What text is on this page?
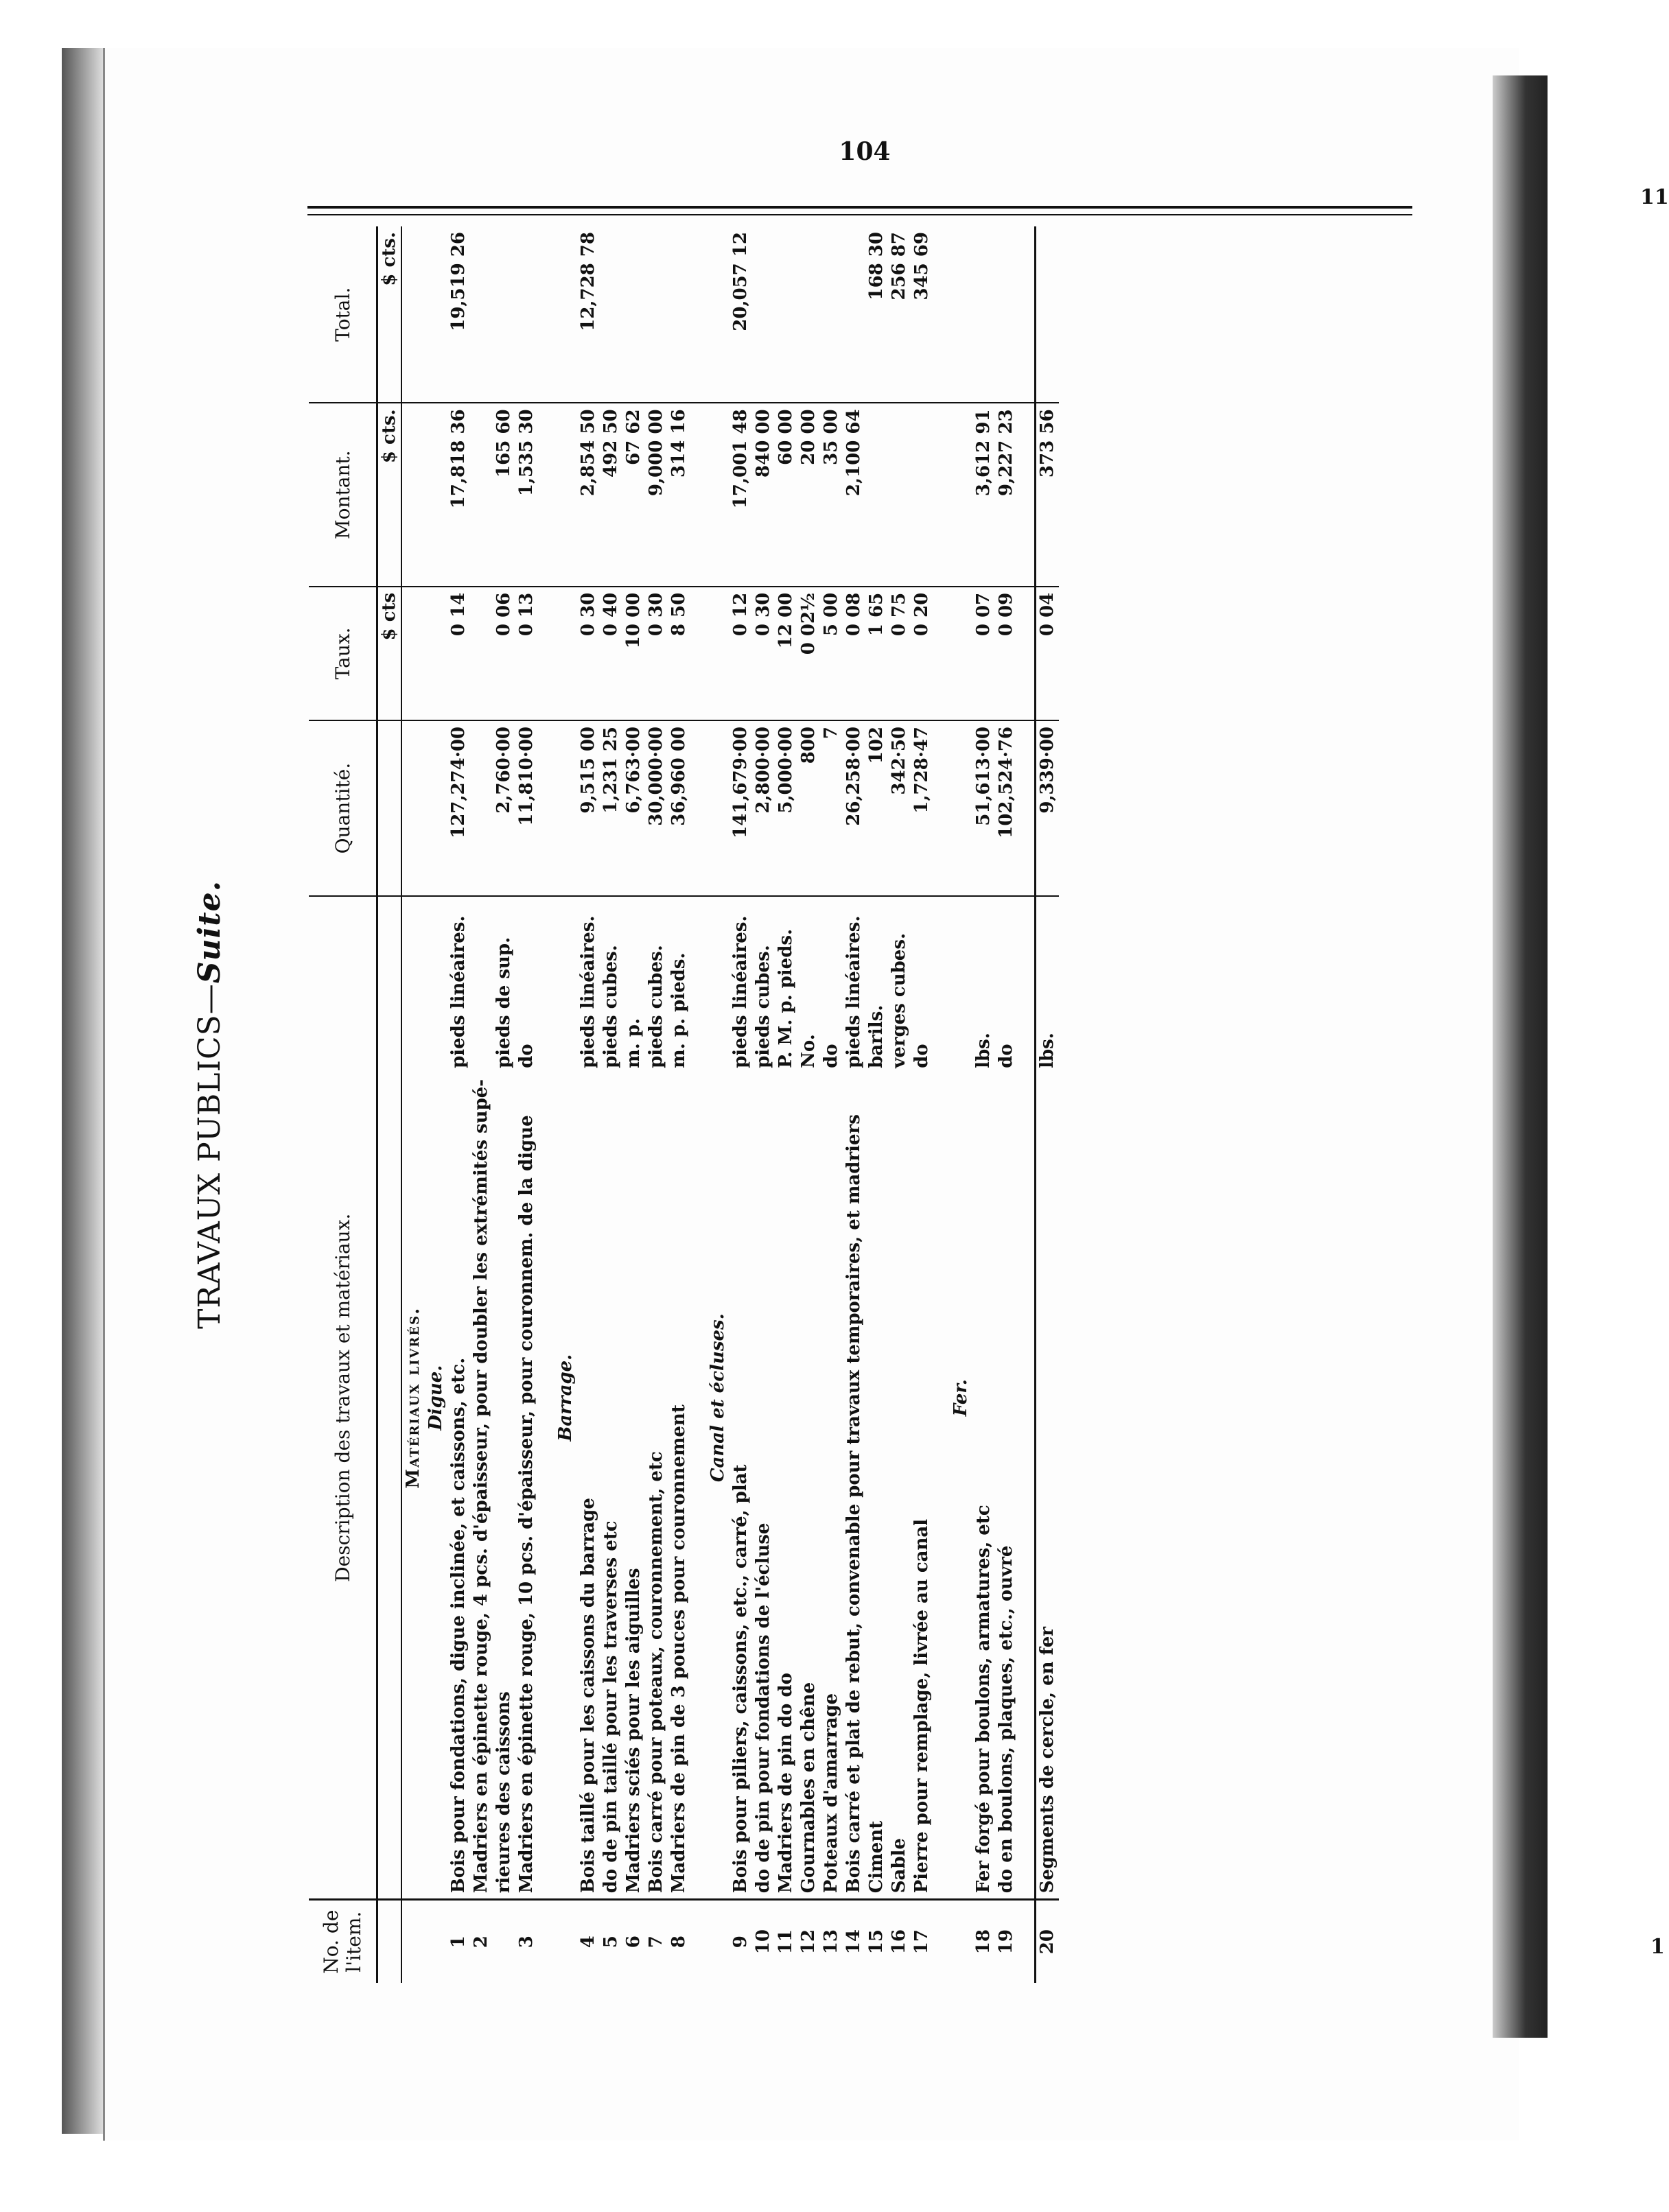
104
11
1
TRAVAUX PUBLICS—Suite.
No. de l'item.	Description des travaux et matériaux.		Quantité.	Taux.	Montant.	Total.
				$ cts	$ cts.	$ cts.
	Matériaux livrés.					
	Digue.					
1	Bois pour fondations, digue inclinée, et caissons, etc.	pieds linéaires.	127,274·00	0 14	17,818 36	19,519 26
2	Madriers en épinette rouge, 4 pcs. d'épaisseur, pour doubler les extrémités supé-					
	rieures des caissons	pieds de sup.	2,760·00	0 06	165 60	
3	Madriers en épinette rouge, 10 pcs. d'épaisseur, pour couronnem. de la digue	do	11,810·00	0 13	1,535 30	

	Barrage.					
4	Bois taillé pour les caissons du barrage	pieds linéaires.	9,515 00	0 30	2,854 50	12,728 78
5	do de pin taillé pour les traverses etc	pieds cubes.	1,231 25	0 40	492 50	
6	Madriers sciés pour les aiguilles	m. p.	6,763·00	10 00	67 62	
7	Bois carré pour poteaux, couronnement, etc	pieds cubes.	30,000·00	0 30	9,000 00	
8	Madriers de pin de 3 pouces pour couronnement	m. p. pieds.	36,960 00	8 50	314 16	

	Canal et écluses.					
9	Bois pour piliers, caissons, etc., carré, plat	pieds linéaires.	141,679·00	0 12	17,001 48	20,057 12
10	do de pin pour fondations de l'écluse	pieds cubes.	2,800·00	0 30	840 00	
11	Madriers de pin do do	P. M. p. pieds.	5,000·00	12 00	60 00	
12	Gournables en chêne	No.	800	0 02½	20 00	
13	Poteaux d'amarrage	do	7	5 00	35 00	
14	Bois carré et plat de rebut, convenable pour travaux temporaires, et madriers	pieds linéaires.	26,258·00	0 08	2,100 64	
15	Ciment	barils.	102	1 65		168 30
16	Sable	verges cubes.	342·50	0 75		256 87
17	Pierre pour remplage, livrée au canal	do	1,728·47	0 20		345 69

	Fer.					
18	Fer forgé pour boulons, armatures, etc	lbs.	51,613·00	0 07	3,612 91	
19	do en boulons, plaques, etc., ouvré	do	102,524·76	0 09	9,227 23	

20	Segments de cercle, en fer	lbs.	9,339·00	0 04	373 56	
